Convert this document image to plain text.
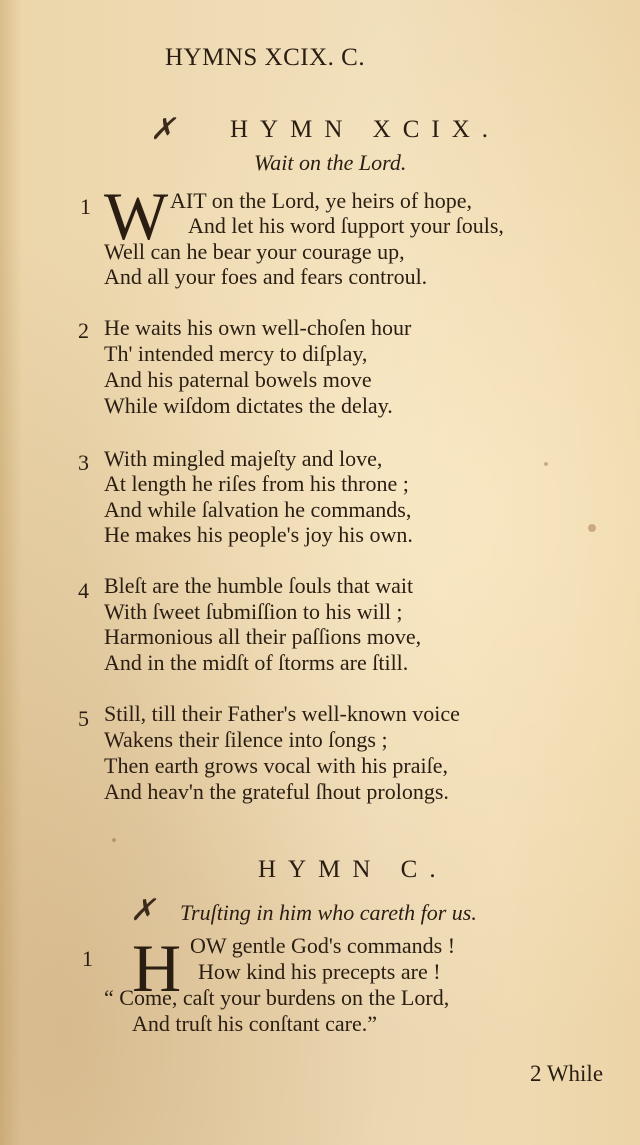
HYMNS XCIX. C.
✗ HYMN XCIX.
Wait on the Lord.
1 W AIT on the Lord, ye heirs of hope,
And let his word ſupport your ſouls,
Well can he bear your courage up,
And all your foes and fears controul.
2 He waits his own well-choſen hour
Th' intended mercy to diſplay,
And his paternal bowels move
While wiſdom dictates the delay.
3 With mingled majeſty and love,
At length he riſes from his throne ;
And while ſalvation he commands,
He makes his people's joy his own.
4 Bleſt are the humble ſouls that wait
With ſweet ſubmiſſion to his will ;
Harmonious all their paſſions move,
And in the midſt of ſtorms are ſtill.
5 Still, till their Father's well-known voice
Wakens their ſilence into ſongs ;
Then earth grows vocal with his praiſe,
And heav'n the grateful ſhout prolongs.
HYMN C.
✗ Truſting in him who careth for us.
1 H OW gentle God's commands !
How kind his precepts are !
“ Come, caſt your burdens on the Lord,
And truſt his conſtant care.”
2 While
